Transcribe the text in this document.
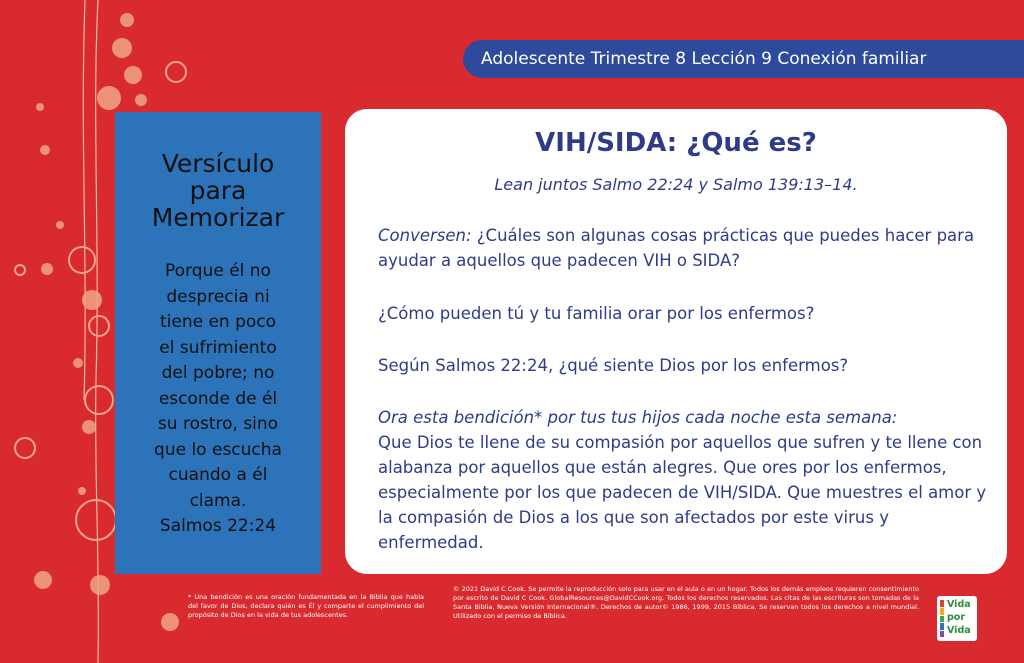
Adolescente Trimestre 8 Lección 9 Conexión familiar
Versículo
para
Memorizar
Porque él no
desprecia ni
tiene en poco
el sufrimiento
del pobre; no
esconde de él
su rostro, sino
que lo escucha
cuando a él
clama.
Salmos 22:24
VIH/SIDA: ¿Qué es?
Lean juntos Salmo 22:24 y Salmo 139:13–14.
Conversen: ¿Cuáles son algunas cosas prácticas que puedes hacer para ayudar a aquellos que padecen VIH o SIDA?
¿Cómo pueden tú y tu familia orar por los enfermos?
Según Salmos 22:24, ¿qué siente Dios por los enfermos?
Ora esta bendición* por tus tus hijos cada noche esta semana:
Que Dios te llene de su compasión por aquellos que sufren y te llene con alabanza por aquellos que están alegres. Que ores por los enfermos, especialmente por los que padecen de VIH/SIDA. Que muestres el amor y la compasión de Dios a los que son afectados por este virus y enfermedad.
* Una bendición es una oración fundamentada en la Biblia que habla del favor de Dios, declara quién es Él y comparte el cumplimiento del propósito de Dios en la vida de tus adolescentes.
© 2021 David C Cook. Se permite la reproducción solo para usar en el aula o en un hogar. Todos los demás empleos requieren consentimiento por escrito de David C Cook. GlobalResources@DavidCCook.org. Todos los derechos reservados. Las citas de las escrituras son tomadas de la Santa Biblia, Nueva Versión Internacional®. Derechos de autor© 1986, 1999, 2015 Bíblica. Se reservan todos los derechos a nivel mundial. Utilizado con el permiso de Bíblica.
Vida
por
Vida
